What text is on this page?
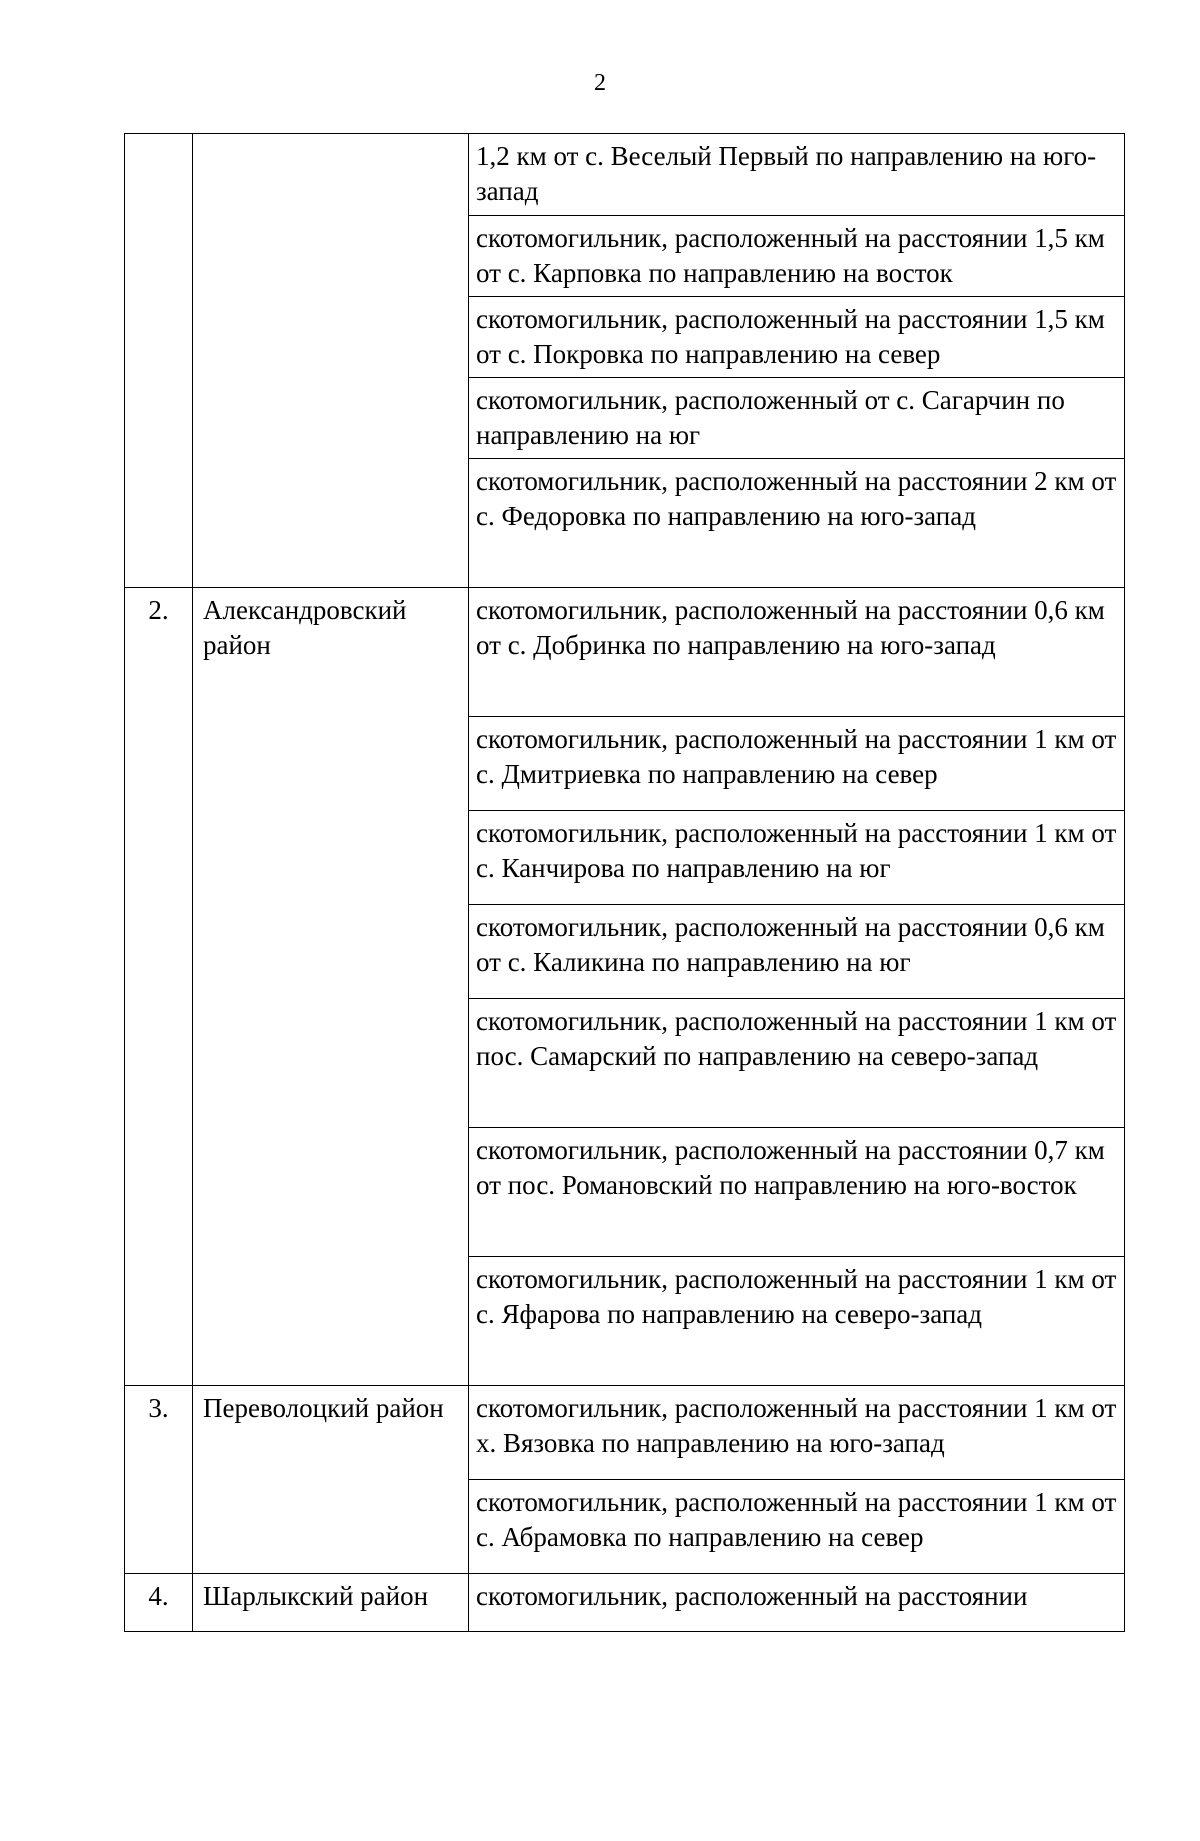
2
		1,2 км от с. Веселый Первый по направлению на юго-запад
		скотомогильник, расположенный на расстоянии 1,5 км от с. Карповка по направлению на восток
		скотомогильник, расположенный на расстоянии 1,5 км от с. Покровка по направлению на север
		скотомогильник, расположенный от с. Сагарчин по направлению на юг
		скотомогильник, расположенный на расстоянии 2 км от с. Федоровка по направлению на юго-запад
2.	Александровский район	скотомогильник, расположенный на расстоянии 0,6 км от с. Добринка по направлению на юго-запад
		скотомогильник, расположенный на расстоянии 1 км от с. Дмитриевка по направлению на север
		скотомогильник, расположенный на расстоянии 1 км от с. Канчирова по направлению на юг
		скотомогильник, расположенный на расстоянии 0,6 км от с. Каликина по направлению на юг
		скотомогильник, расположенный на расстоянии 1 км от пос. Самарский по направлению на северо-запад
		скотомогильник, расположенный на расстоянии 0,7 км от пос. Романовский по направлению на юго-восток
		скотомогильник, расположенный на расстоянии 1 км от с. Яфарова по направлению на северо-запад
3.	Переволоцкий район	скотомогильник, расположенный на расстоянии 1 км от х. Вязовка по направлению на юго-запад
		скотомогильник, расположенный на расстоянии 1 км от с. Абрамовка по направлению на север
4.	Шарлыкский район	скотомогильник, расположенный на расстоянии
